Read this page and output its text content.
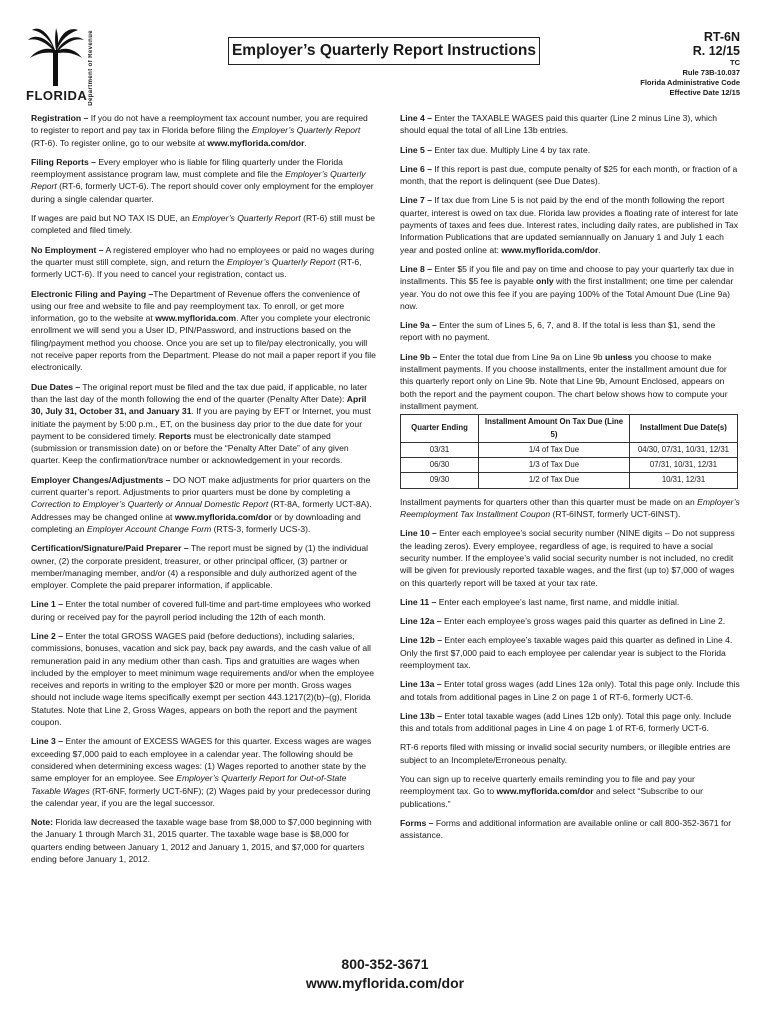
FLORIDA Department of Revenue	Employer’s Quarterly Report Instructions
RT-6N
R. 12/15
TC
Rule 73B-10.037
Florida Administrative Code
Effective Date 12/15

Registration – If you do not have a reemployment tax account number, you are required to register to report and pay tax in Florida before filing the Employer’s Quarterly Report (RT-6). To register online, go to our website at www.myflorida.com/dor.

Filing Reports – Every employer who is liable for filing quarterly under the Florida reemployment assistance program law, must complete and file the Employer’s Quarterly Report (RT-6, formerly UCT-6). The report should cover only employment for the employer during a single calendar quarter.

If wages are paid but NO TAX IS DUE, an Employer’s Quarterly Report (RT-6) still must be completed and filed timely.

No Employment – A registered employer who had no employees or paid no wages during the quarter must still complete, sign, and return the Employer’s Quarterly Report (RT-6, formerly UCT-6). If you need to cancel your registration, contact us.

Electronic Filing and Paying –The Department of Revenue offers the convenience of using our free and website to file and pay reemployment tax. To enroll, or get more information, go to the website at www.myflorida.com. After you complete your electronic enrollment we will send you a User ID, PIN/Password, and instructions based on the filing/payment method you choose. Once you are set up to file/pay electronically, you will not receive paper reports from the Department. Please do not mail a paper report if you file electronically.

Due Dates – The original report must be filed and the tax due paid, if applicable, no later than the last day of the month following the end of the quarter (Penalty After Date): April 30, July 31, October 31, and January 31. If you are paying by EFT or Internet, you must initiate the payment by 5:00 p.m., ET, on the business day prior to the due date for your payment to be considered timely. Reports must be electronically date stamped (submission or transmission date) on or before the “Penalty After Date” of any given quarter. Keep the confirmation/trace number or acknowledgement in your records.

Employer Changes/Adjustments – DO NOT make adjustments for prior quarters on the current quarter’s report. Adjustments to prior quarters must be done by completing a Correction to Employer’s Quarterly or Annual Domestic Report (RT-8A, formerly UCT-8A). Addresses may be changed online at www.myflorida.com/dor or by downloading and completing an Employer Account Change Form (RTS-3, formerly UCS-3).

Certification/Signature/Paid Preparer – The report must be signed by (1) the individual owner, (2) the corporate president, treasurer, or other principal officer, (3) partner or member/managing member, and/or (4) a responsible and duly authorized agent of the employer. Complete the paid preparer information, if applicable.

Line 1 – Enter the total number of covered full-time and part-time employees who worked during or received pay for the payroll period including the 12th of each month.

Line 2 – Enter the total GROSS WAGES paid (before deductions), including salaries, commissions, bonuses, vacation and sick pay, back pay awards, and the cash value of all remuneration paid in any medium other than cash. Tips and gratuities are wages when included by the employer to meet minimum wage requirements and/or when the employee receives and reports in writing to the employer $20 or more per month. Gross wages should not include wage items specifically exempt per section 443.1217(2)(b)–(g), Florida Statutes. Note that Line 2, Gross Wages, appears on both the report and the payment coupon.

Line 3 – Enter the amount of EXCESS WAGES for this quarter. Excess wages are wages exceeding $7,000 paid to each employee in a calendar year. The following should be considered when determining excess wages: (1) Wages reported to another state by the same employer for an employee. See Employer’s Quarterly Report for Out-of-State Taxable Wages (RT-6NF, formerly UCT-6NF); (2) Wages paid by your predecessor during the calendar year, if you are the legal successor.

Note: Florida law decreased the taxable wage base from $8,000 to $7,000 beginning with the January 1 through March 31, 2015 quarter. The taxable wage base is $8,000 for quarters ending between January 1, 2012 and January 1, 2015, and $7,000 for quarters ending before January 1, 2012.

Line 4 – Enter the TAXABLE WAGES paid this quarter (Line 2 minus Line 3), which should equal the total of all Line 13b entries.

Line 5 – Enter tax due. Multiply Line 4 by tax rate.

Line 6 – If this report is past due, compute penalty of $25 for each month, or fraction of a month, that the report is delinquent (see Due Dates).

Line 7 – If tax due from Line 5 is not paid by the end of the month following the report quarter, interest is owed on tax due. Florida law provides a floating rate of interest for late payments of taxes and fees due. Interest rates, including daily rates, are published in Tax Information Publications that are updated semiannually on January 1 and July 1 each year and posted online at: www.myflorida.com/dor.

Line 8 – Enter $5 if you file and pay on time and choose to pay your quarterly tax due in installments. This $5 fee is payable only with the first installment; one time per calendar year. You do not owe this fee if you are paying 100% of the Total Amount Due (Line 9a) now.

Line 9a – Enter the sum of Lines 5, 6, 7, and 8. If the total is less than $1, send the report with no payment.

Line 9b – Enter the total due from Line 9a on Line 9b unless you choose to make installment payments. If you choose installments, enter the installment amount due for this quarterly report only on Line 9b. Note that Line 9b, Amount Enclosed, appears on both the report and the payment coupon. The chart below shows how to compute your installment payment.

Quarter Ending	Installment Amount On Tax Due (Line 5)	Installment Due Date(s)
03/31	1/4 of Tax Due	04/30, 07/31, 10/31, 12/31
06/30	1/3 of Tax Due	07/31, 10/31, 12/31
09/30	1/2 of Tax Due	10/31, 12/31

Installment payments for quarters other than this quarter must be made on an Employer’s Reemployment Tax Installment Coupon (RT-6INST, formerly UCT-6INST).

Line 10 – Enter each employee’s social security number (NINE digits – Do not suppress the leading zeros). Every employee, regardless of age, is required to have a social security number. If the employee’s valid social security number is not included, no credit will be given for previously reported taxable wages, and the first (up to) $7,000 of wages on this quarterly report will be taxed at your tax rate.

Line 11 – Enter each employee’s last name, first name, and middle initial.

Line 12a – Enter each employee’s gross wages paid this quarter as defined in Line 2.

Line 12b – Enter each employee’s taxable wages paid this quarter as defined in Line 4. Only the first $7,000 paid to each employee per calendar year is subject to the Florida reemployment tax.

Line 13a – Enter total gross wages (add Lines 12a only). Total this page only. Include this and totals from additional pages in Line 2 on page 1 of RT-6, formerly UCT-6.

Line 13b – Enter total taxable wages (add Lines 12b only). Total this page only. Include this and totals from additional pages in Line 4 on page 1 of RT-6, formerly UCT-6.

RT-6 reports filed with missing or invalid social security numbers, or illegible entries are subject to an Incomplete/Erroneous penalty.

You can sign up to receive quarterly emails reminding you to file and pay your reemployment tax. Go to www.myflorida.com/dor and select “Subscribe to our publications.”

Forms – Forms and additional information are available online or call 800-352-3671 for assistance.

800-352-3671
www.myflorida.com/dor
